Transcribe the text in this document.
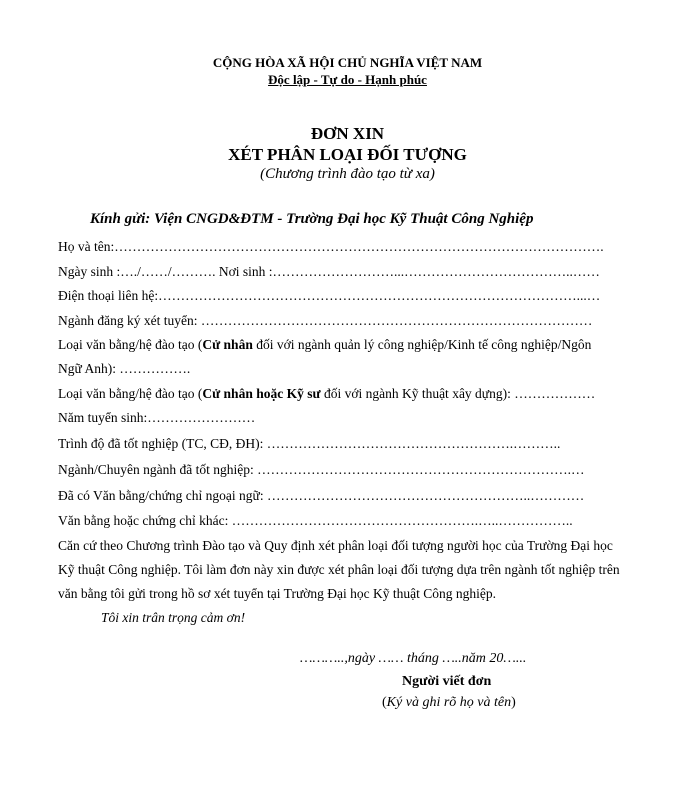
CỘNG HÒA XÃ HỘI CHỦ NGHĨA VIỆT NAM
Độc lập - Tự do - Hạnh phúc
ĐƠN XIN
XÉT PHÂN LOẠI ĐỐI TƯỢNG
(Chương trình đào tạo từ xa)
Kính gửi: Viện CNGD&ĐTM - Trường Đại học Kỹ Thuật Công Nghiệp
Họ và tên:……………………………………………………………………………………………….
Ngày sinh :…./……/………. Nơi sinh :………………………...………………………………..……
Điện thoại liên hệ:…………………………………………………………………………………...…
Ngành đăng ký xét tuyển: ……………………………………………………………………………
Loại văn bằng/hệ đào tạo (Cử nhân đối với ngành quản lý công nghiệp/Kinh tế công nghiệp/Ngôn
Ngữ Anh): …………….
Loại văn bằng/hệ đào tạo (Cử nhân hoặc Kỹ sư đối với ngành Kỹ thuật xây dựng): ………………
Năm tuyển sinh:……………………
Trình độ đã tốt nghiệp (TC, CĐ, ĐH): ……………………………………………….………..
Ngành/Chuyên ngành đã tốt nghiệp: …………………………………………………………….…
Đã có Văn bằng/chứng chỉ ngoại ngữ: …………………………………………………..…………
Văn bằng hoặc chứng chỉ khác: ……………………………………………….…..……………..
Căn cứ theo Chương trình Đào tạo và Quy định xét phân loại đối tượng người học của Trường Đại học
Kỹ thuật Công nghiệp. Tôi làm đơn này xin được xét phân loại đối tượng dựa trên ngành tốt nghiệp trên
văn bằng tôi gửi trong hồ sơ xét tuyển tại Trường Đại học Kỹ thuật Công nghiệp.
Tôi xin trân trọng cảm ơn!
………..,ngày …… tháng …..năm 20…...
Người viết đơn
(Ký và ghi rõ họ và tên)
